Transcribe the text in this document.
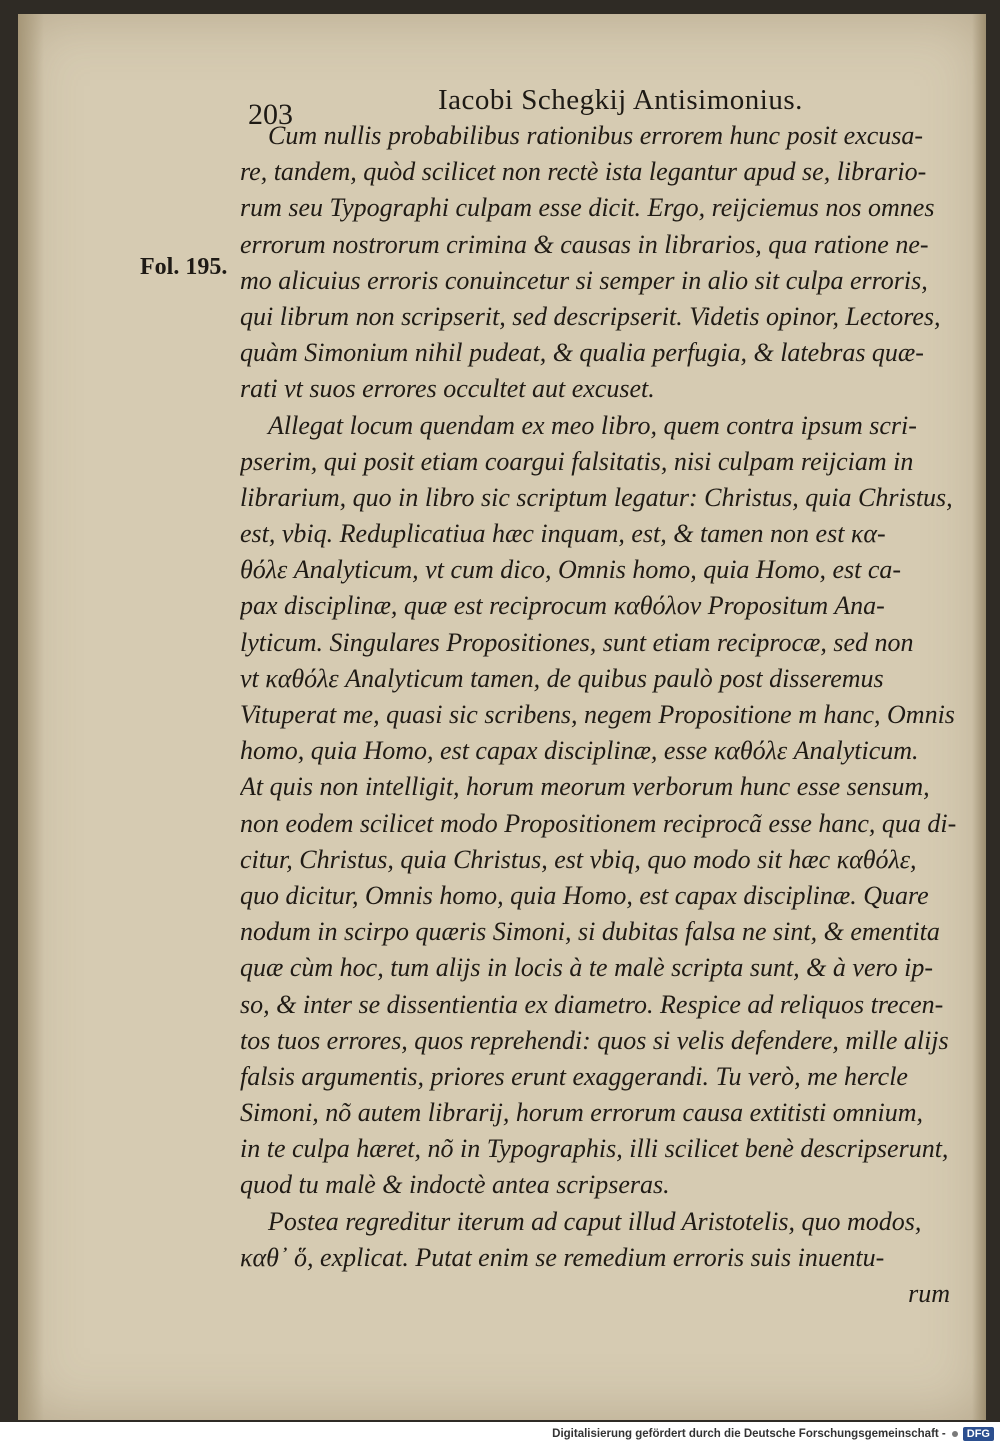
203	Iacobi Schegkij Antisimonius.
Fol. 195.
Cum nullis probabilibus rationibus errorem hunc posit excusa-
re, tandem, quòd scilicet non rectè ista legantur apud se, librario-
rum seu Typographi culpam esse dicit. Ergo, reijciemus nos omnes
errorum nostrorum crimina & causas in librarios, qua ratione ne-
mo alicuius erroris conuincetur si semper in alio sit culpa erroris,
qui librum non scripserit, sed descripserit. Videtis opinor, Lectores,
quàm Simonium nihil pudeat, & qualia perfugia, & latebras quæ-
rati vt suos errores occultet aut excuset.
Allegat locum quendam ex meo libro, quem contra ipsum scri-
pserim, qui posit etiam coargui falsitatis, nisi culpam reijciam in
librarium, quo in libro sic scriptum legatur: Christus, quia Christus,
est, vbiq. Reduplicatiua hæc inquam, est, & tamen non est κα-
θόλε Analyticum, vt cum dico, Omnis homo, quia Homo, est ca-
pax disciplinæ, quæ est reciprocum καθόλον Propositum Ana-
lyticum. Singulares Propositiones, sunt etiam reciprocæ, sed non
vt καθόλε Analyticum tamen, de quibus paulò post disseremus
Vituperat me, quasi sic scribens, negem Propositione m hanc, Omnis
homo, quia Homo, est capax disciplinæ, esse καθόλε Analyticum.
At quis non intelligit, horum meorum verborum hunc esse sensum,
non eodem scilicet modo Propositionem reciprocã esse hanc, qua di-
citur, Christus, quia Christus, est vbiq, quo modo sit hæc καθόλε,
quo dicitur, Omnis homo, quia Homo, est capax disciplinæ. Quare
nodum in scirpo quæris Simoni, si dubitas falsa ne sint, & ementita
quæ cùm hoc, tum alijs in locis à te malè scripta sunt, & à vero ip-
so, & inter se dissentientia ex diametro. Respice ad reliquos trecen-
tos tuos errores, quos reprehendi: quos si velis defendere, mille alijs
falsis argumentis, priores erunt exaggerandi. Tu verò, me hercle
Simoni, nõ autem librarij, horum errorum causa extitisti omnium,
in te culpa hæret, nõ in Typographis, illi scilicet benè descripserunt,
quod tu malè & indoctè antea scripseras.
Postea regreditur iterum ad caput illud Aristotelis, quo modos,
καθ᾽ ὅ, explicat. Putat enim se remedium erroris suis inuentu-
rum
Digitalisierung gefördert durch die Deutsche Forschungsgemeinschaft -	DFG
